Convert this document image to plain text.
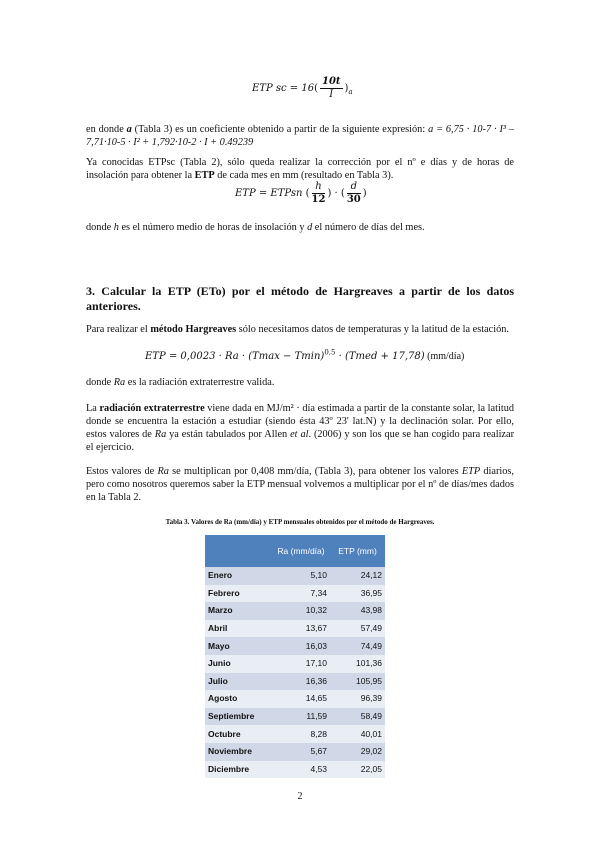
ETP sc = $16( \frac{10t}{I} )_a$
en donde a (Tabla 3) es un coeficiente obtenido a partir de la siguiente expresión: a = 6,75 · 10-7 · I³ – 7,71·10-5 · I² + 1,792·10-2 · I + 0.49239
Ya conocidas ETPsc (Tabla 2), sólo queda realizar la corrección por el nº e días y de horas de insolación para obtener la ETP de cada mes en mm (resultado en Tabla 3).
ETP = ETPsn ( $\frac{h}{12}$ ) · ( $\frac{d}{30}$ )
donde h es el número medio de horas de insolación y d el número de días del mes.
3. Calcular la ETP (ETo) por el método de Hargreaves a partir de los datos anteriores.
Para realizar el método Hargreaves sólo necesitamos datos de temperaturas y la latitud de la estación.
ETP = $0,0023 \cdot Ra \cdot (Tmax - Tmin)^{0,5}$ · (Tmed + 17,78) (mm/día)
donde Ra es la radiación extraterrestre valida.
La radiación extraterrestre viene dada en MJ/m² · día estimada a partir de la constante solar, la latitud donde se encuentra la estación a estudiar (siendo ésta 43º 23' lat.N) y la declinación solar. Por ello, estos valores de Ra ya están tabulados por Allen et al. (2006) y son los que se han cogido para realizar el ejercicio.
Estos valores de Ra se multiplican por 0,408 mm/día, (Tabla 3), para obtener los valores ETP diarios, pero como nosotros queremos saber la ETP mensual volvemos a multiplicar por el nº de días/mes dados en la Tabla 2.
Tabla 3. Valores de Ra (mm/día) y ETP mensuales obtenidos por el método de Hargreaves.
	Ra (mm/día)	ETP (mm)
Enero	5,10	24,12
Febrero	7,34	36,95
Marzo	10,32	43,98
Abril	13,67	57,49
Mayo	16,03	74,49
Junio	17,10	101,36
Julio	16,36	105,95
Agosto	14,65	96,39
Septiembre	11,59	58,49
Octubre	8,28	40,01
Noviembre	5,67	29,02
Diciembre	4,53	22,05
2
